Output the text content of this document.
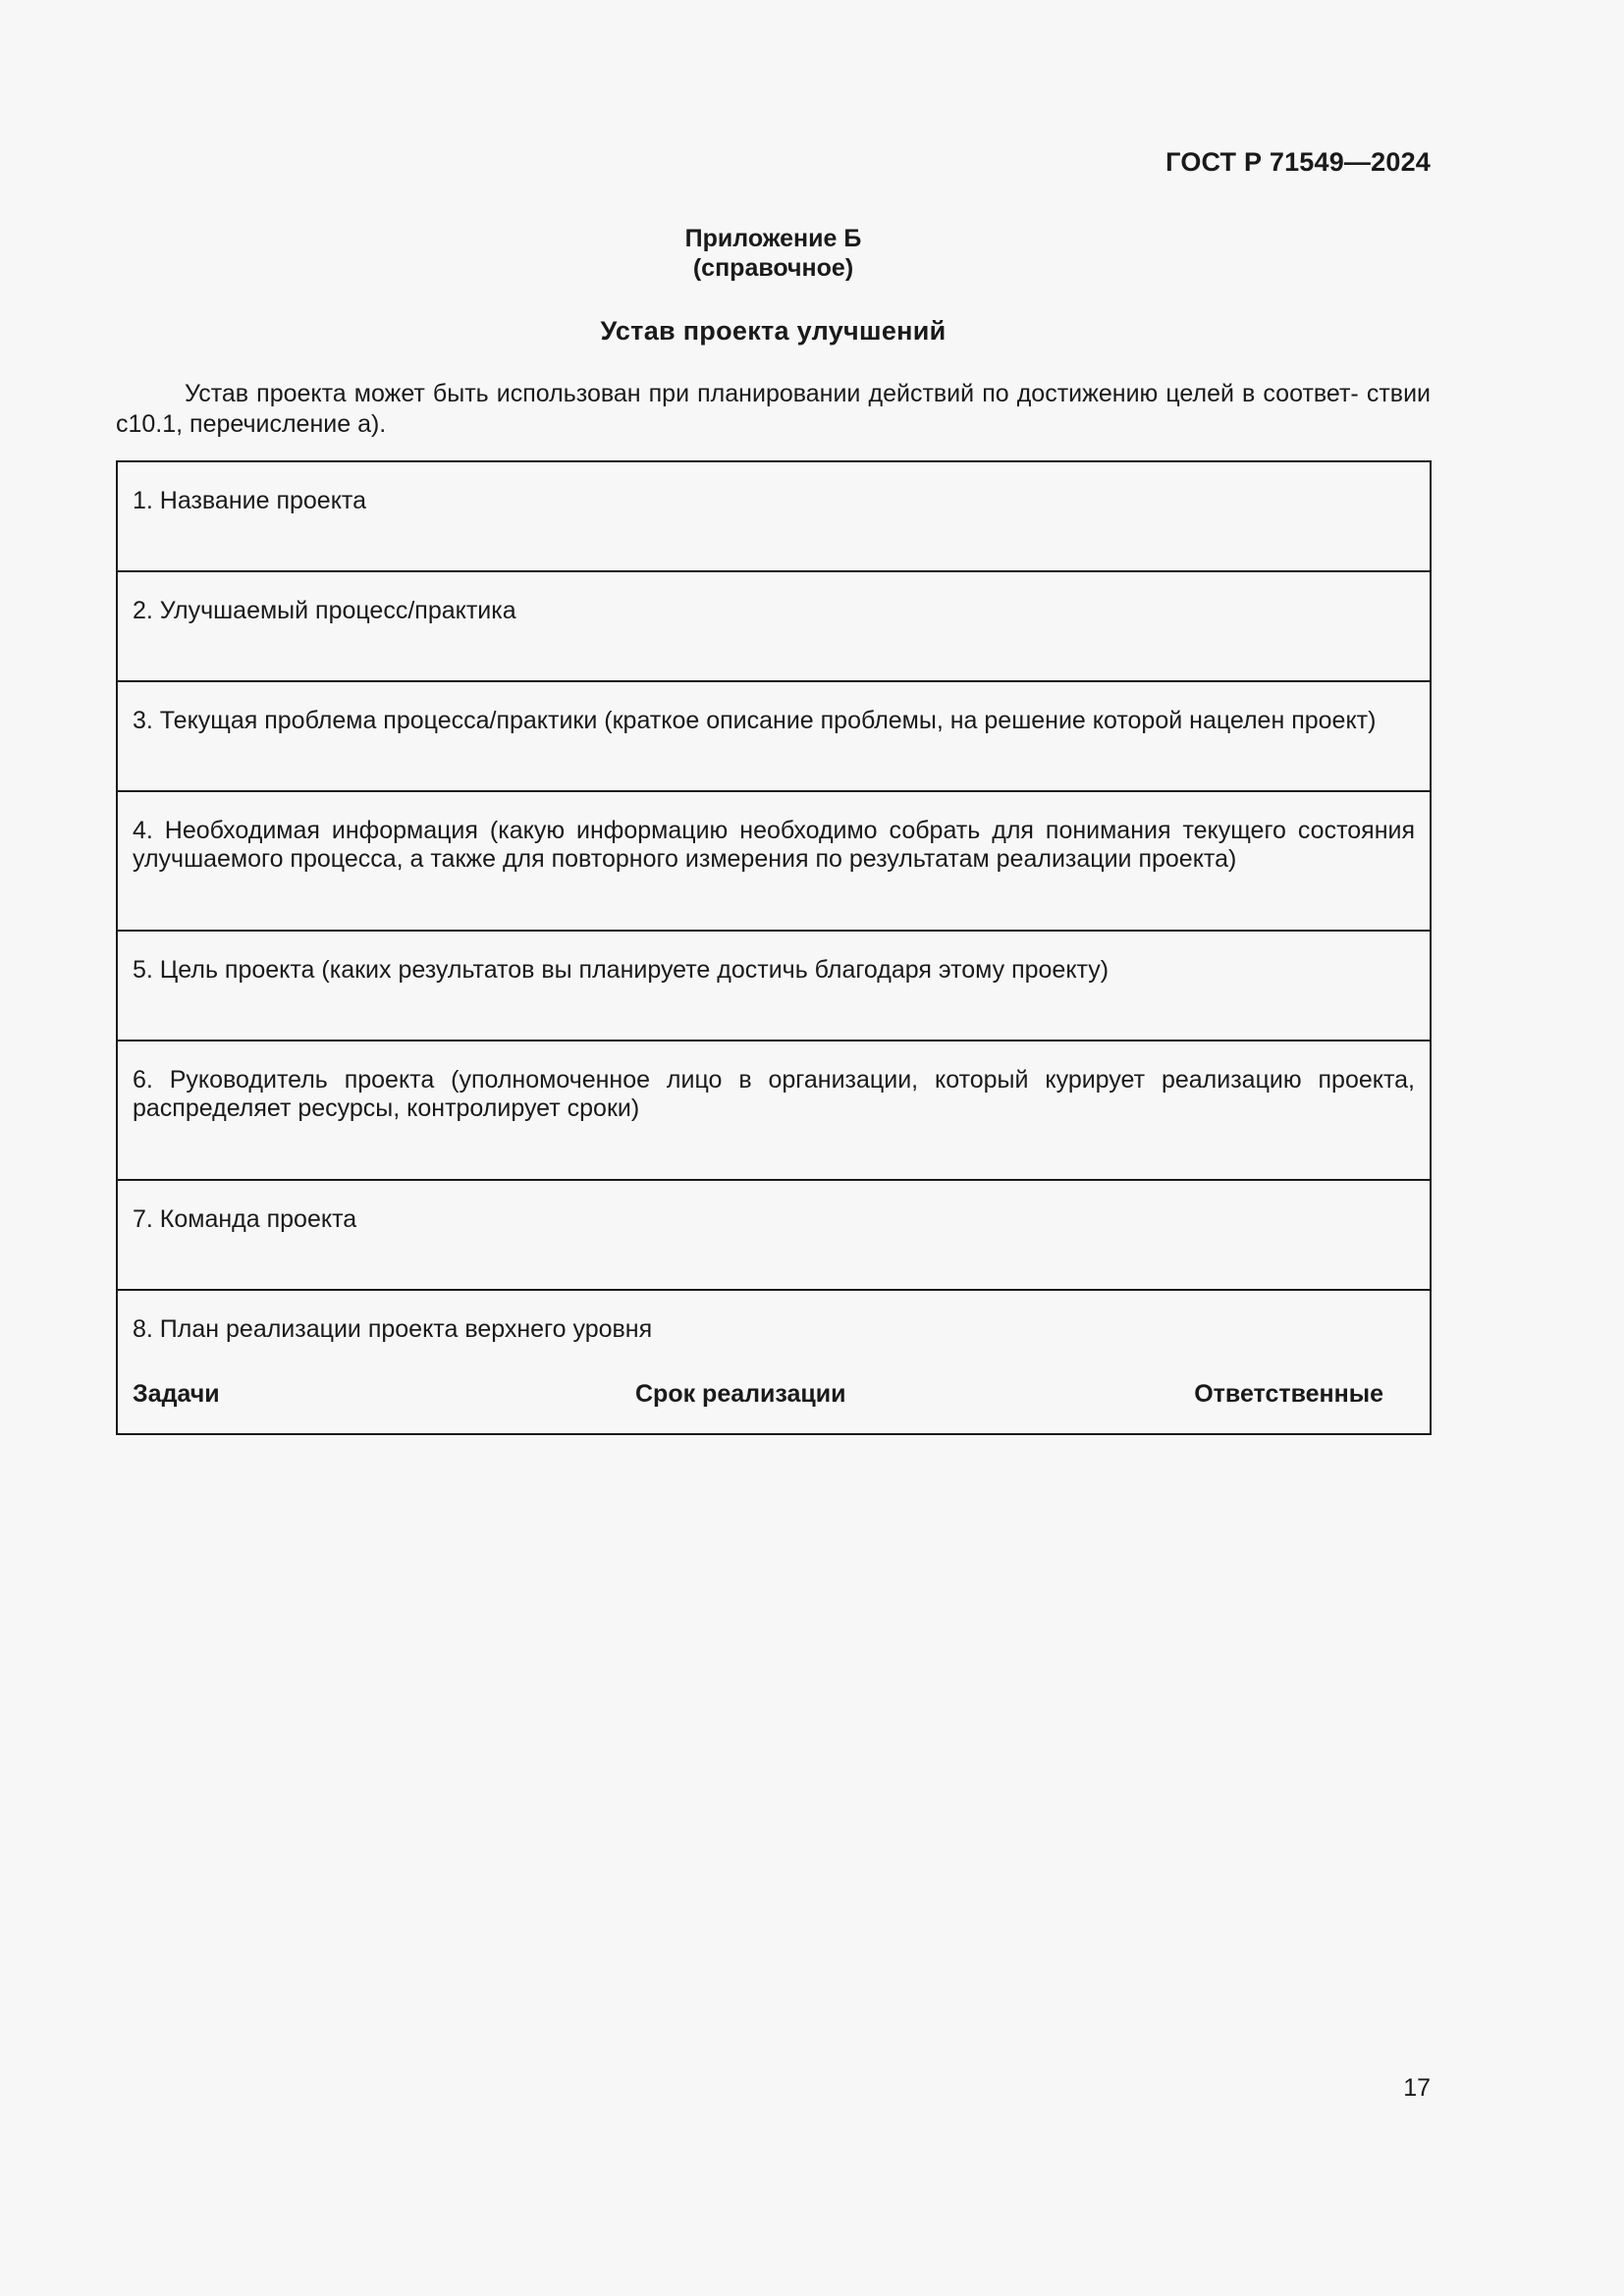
ГОСТ Р 71549—2024
Приложение Б
(справочное)
Устав проекта улучшений

Устав проекта может быть использован при планировании действий по достижению целей в соответ- ствии с10.1, перечисление а).

1. Название проекта
2. Улучшаемый процесс/практика
3. Текущая проблема процесса/практики (краткое описание проблемы, на решение которой нацелен проект)
4. Необходимая информация (какую информацию необходимо собрать для понимания текущего состояния улучшаемого процесса, а также для повторного измерения по результатам реализации проекта)
5. Цель проекта (каких результатов вы планируете достичь благодаря этому проекту)
6. Руководитель проекта (уполномоченное лицо в организации, который курирует реализацию проекта, распределяет ресурсы, контролирует сроки)
7. Команда проекта

8. План реализации проекта верхнего уровня
Задачи	Срок реализации	Ответственные
17
